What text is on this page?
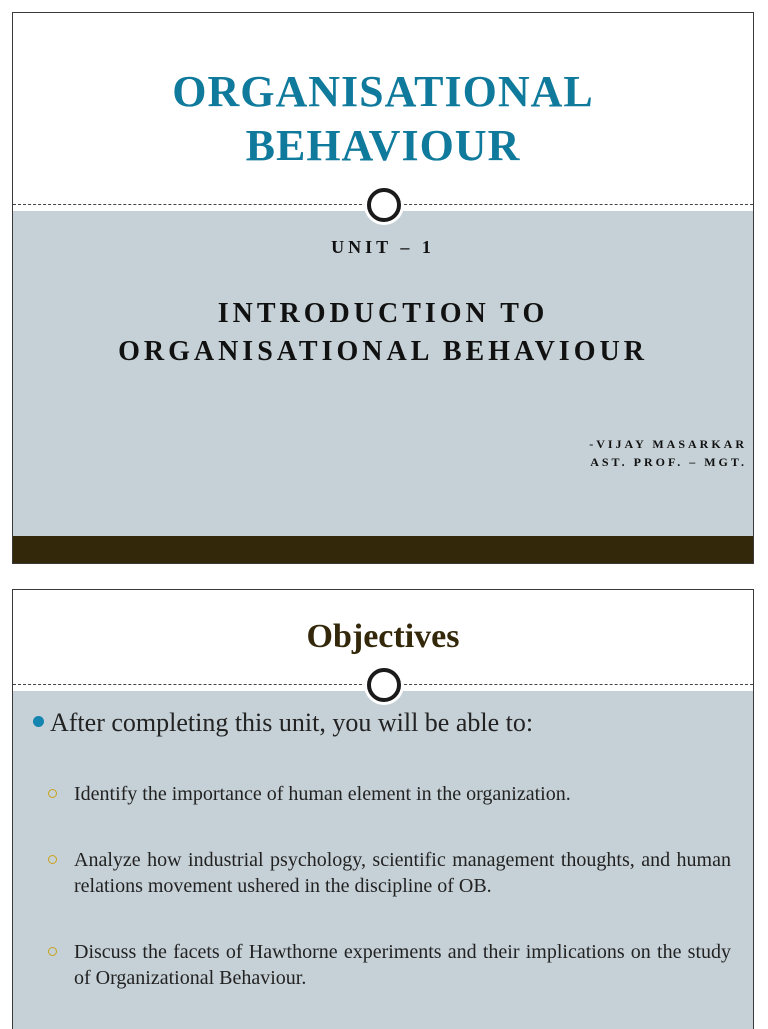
ORGANISATIONAL
BEHAVIOUR
UNIT – 1
INTRODUCTION TO
ORGANISATIONAL BEHAVIOUR
-VIJAY MASARKAR
AST. PROF. – MGT.
Objectives
After completing this unit, you will be able to:
Identify the importance of human element in the organization.
Analyze how industrial psychology, scientific management thoughts, and human relations movement ushered in the discipline of OB.
Discuss the facets of Hawthorne experiments and their implications on the study of Organizational Behaviour.
